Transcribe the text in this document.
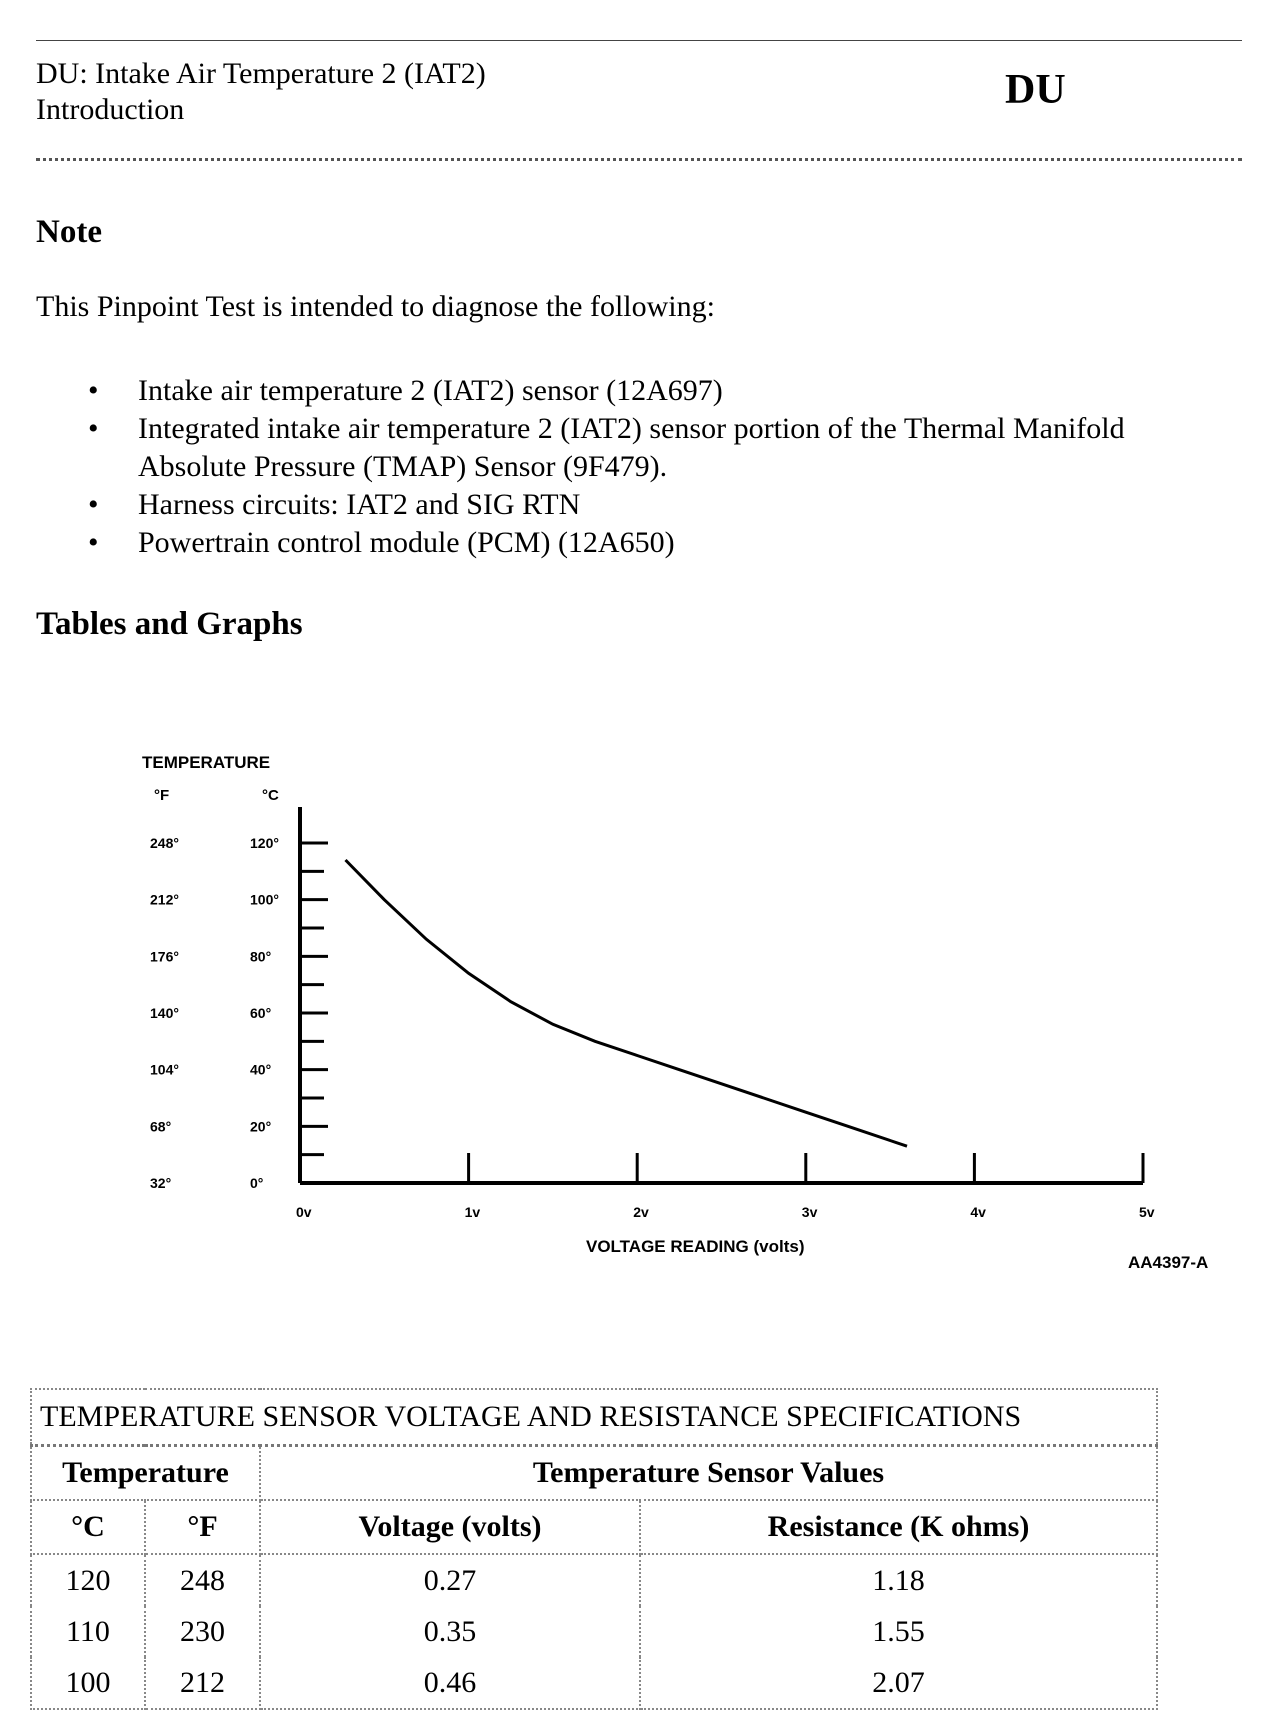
DU: Intake Air Temperature 2 (IAT2)
Introduction	DU
Note
This Pinpoint Test is intended to diagnose the following:
• Intake air temperature 2 (IAT2) sensor (12A697)
• Integrated intake air temperature 2 (IAT2) sensor portion of the Thermal Manifold Absolute Pressure (TMAP) Sensor (9F479).
• Harness circuits: IAT2 and SIG RTN
• Powertrain control module (PCM) (12A650)
Tables and Graphs
TEMPERATURE
°F	°C
248°
212°
176°
140°
104°
68°
32°
120°
100°
80°
60°
40°
20°
0°
0v	1v	2v	3v	4v	5v
VOLTAGE READING (volts)
AA4397-A
TEMPERATURE SENSOR VOLTAGE AND RESISTANCE SPECIFICATIONS			
Temperature		Temperature Sensor Values	
°C	°F	Voltage (volts)	Resistance (K ohms)
120	248	0.27	1.18
110	230	0.35	1.55
100	212	0.46	2.07
